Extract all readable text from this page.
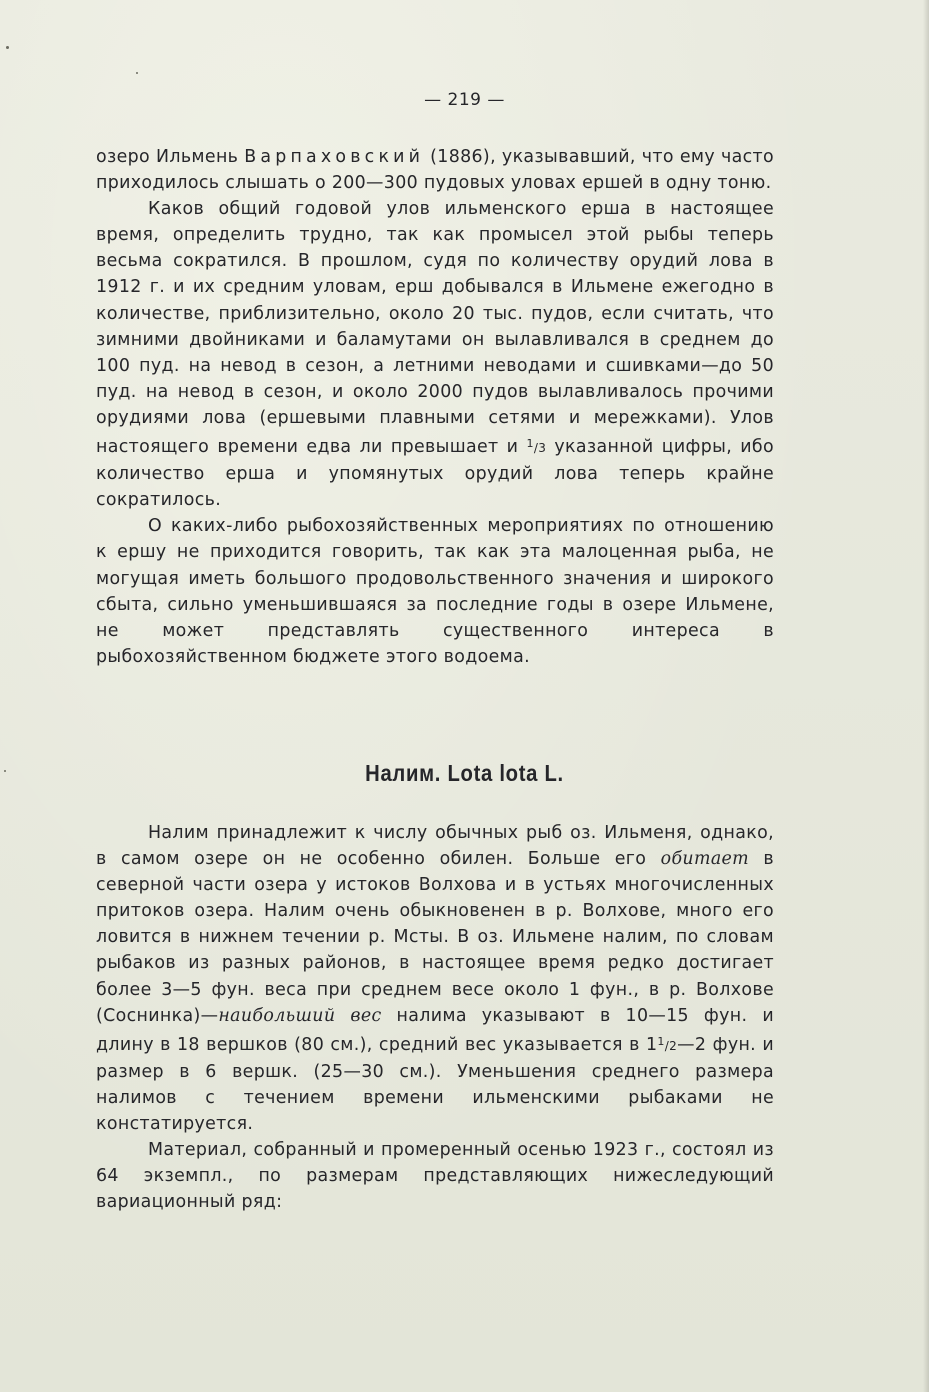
— 219 —

озеро Ильмень Варпаховский (1886), указывавший, что ему часто приходилось слышать о 200—300 пудовых уловах ершей в одну тоню.

Каков общий годовой улов ильменского ерша в настоящее время, определить трудно, так как промысел этой рыбы теперь весьма сократился. В прошлом, судя по количеству орудий лова в 1912 г. и их средним уловам, ерш добывался в Ильмене ежегодно в количестве, приблизительно, около 20 тыс. пудов, если считать, что зимними двойниками и баламутами он вылавливался в среднем до 100 пуд. на невод в сезон, а летними неводами и сшивками—до 50 пуд. на невод в сезон, и около 2000 пудов вылавливалось прочими орудиями лова (ершевыми плавными сетями и мережками). Улов настоящего времени едва ли превышает и $^1$/3 указанной цифры, ибо количество ерша и упомянутых орудий лова теперь крайне сократилось.

О каких-либо рыбохозяйственных мероприятиях по отношению к ершу не приходится говорить, так как эта малоценная рыба, не могущая иметь большого продовольственного значения и широкого сбыта, сильно уменьшившаяся за последние годы в озере Ильмене, не может представлять существенного интереса в рыбохозяйственном бюджете этого водоема.

Налим. Lota lota L.

Налим принадлежит к числу обычных рыб оз. Ильменя, однако, в самом озере он не особенно обилен. Больше его обитает в северной части озера у истоков Волхова и в устьях многочисленных притоков озера. Налим очень обыкновенен в р. Волхове, много его ловится в нижнем течении р. Мсты. В оз. Ильмене налим, по словам рыбаков из разных районов, в настоящее время редко достигает более 3—5 фун. веса при среднем весе около 1 фун., в р. Волхове (Соснинка)—наибольший вес налима указывают в 10—15 фун. и длину в 18 вершков (80 см.), средний вес указывается в $1^1/2—2$ фун. и размер в 6 вершк. (25—30 см.). Уменьшения среднего размера налимов с течением времени ильменскими рыбаками не констатируется.

Материал, собранный и промеренный осенью 1923 г., состоял из 64 экземпл., по размерам представляющих нижеследующий вариационный ряд:
